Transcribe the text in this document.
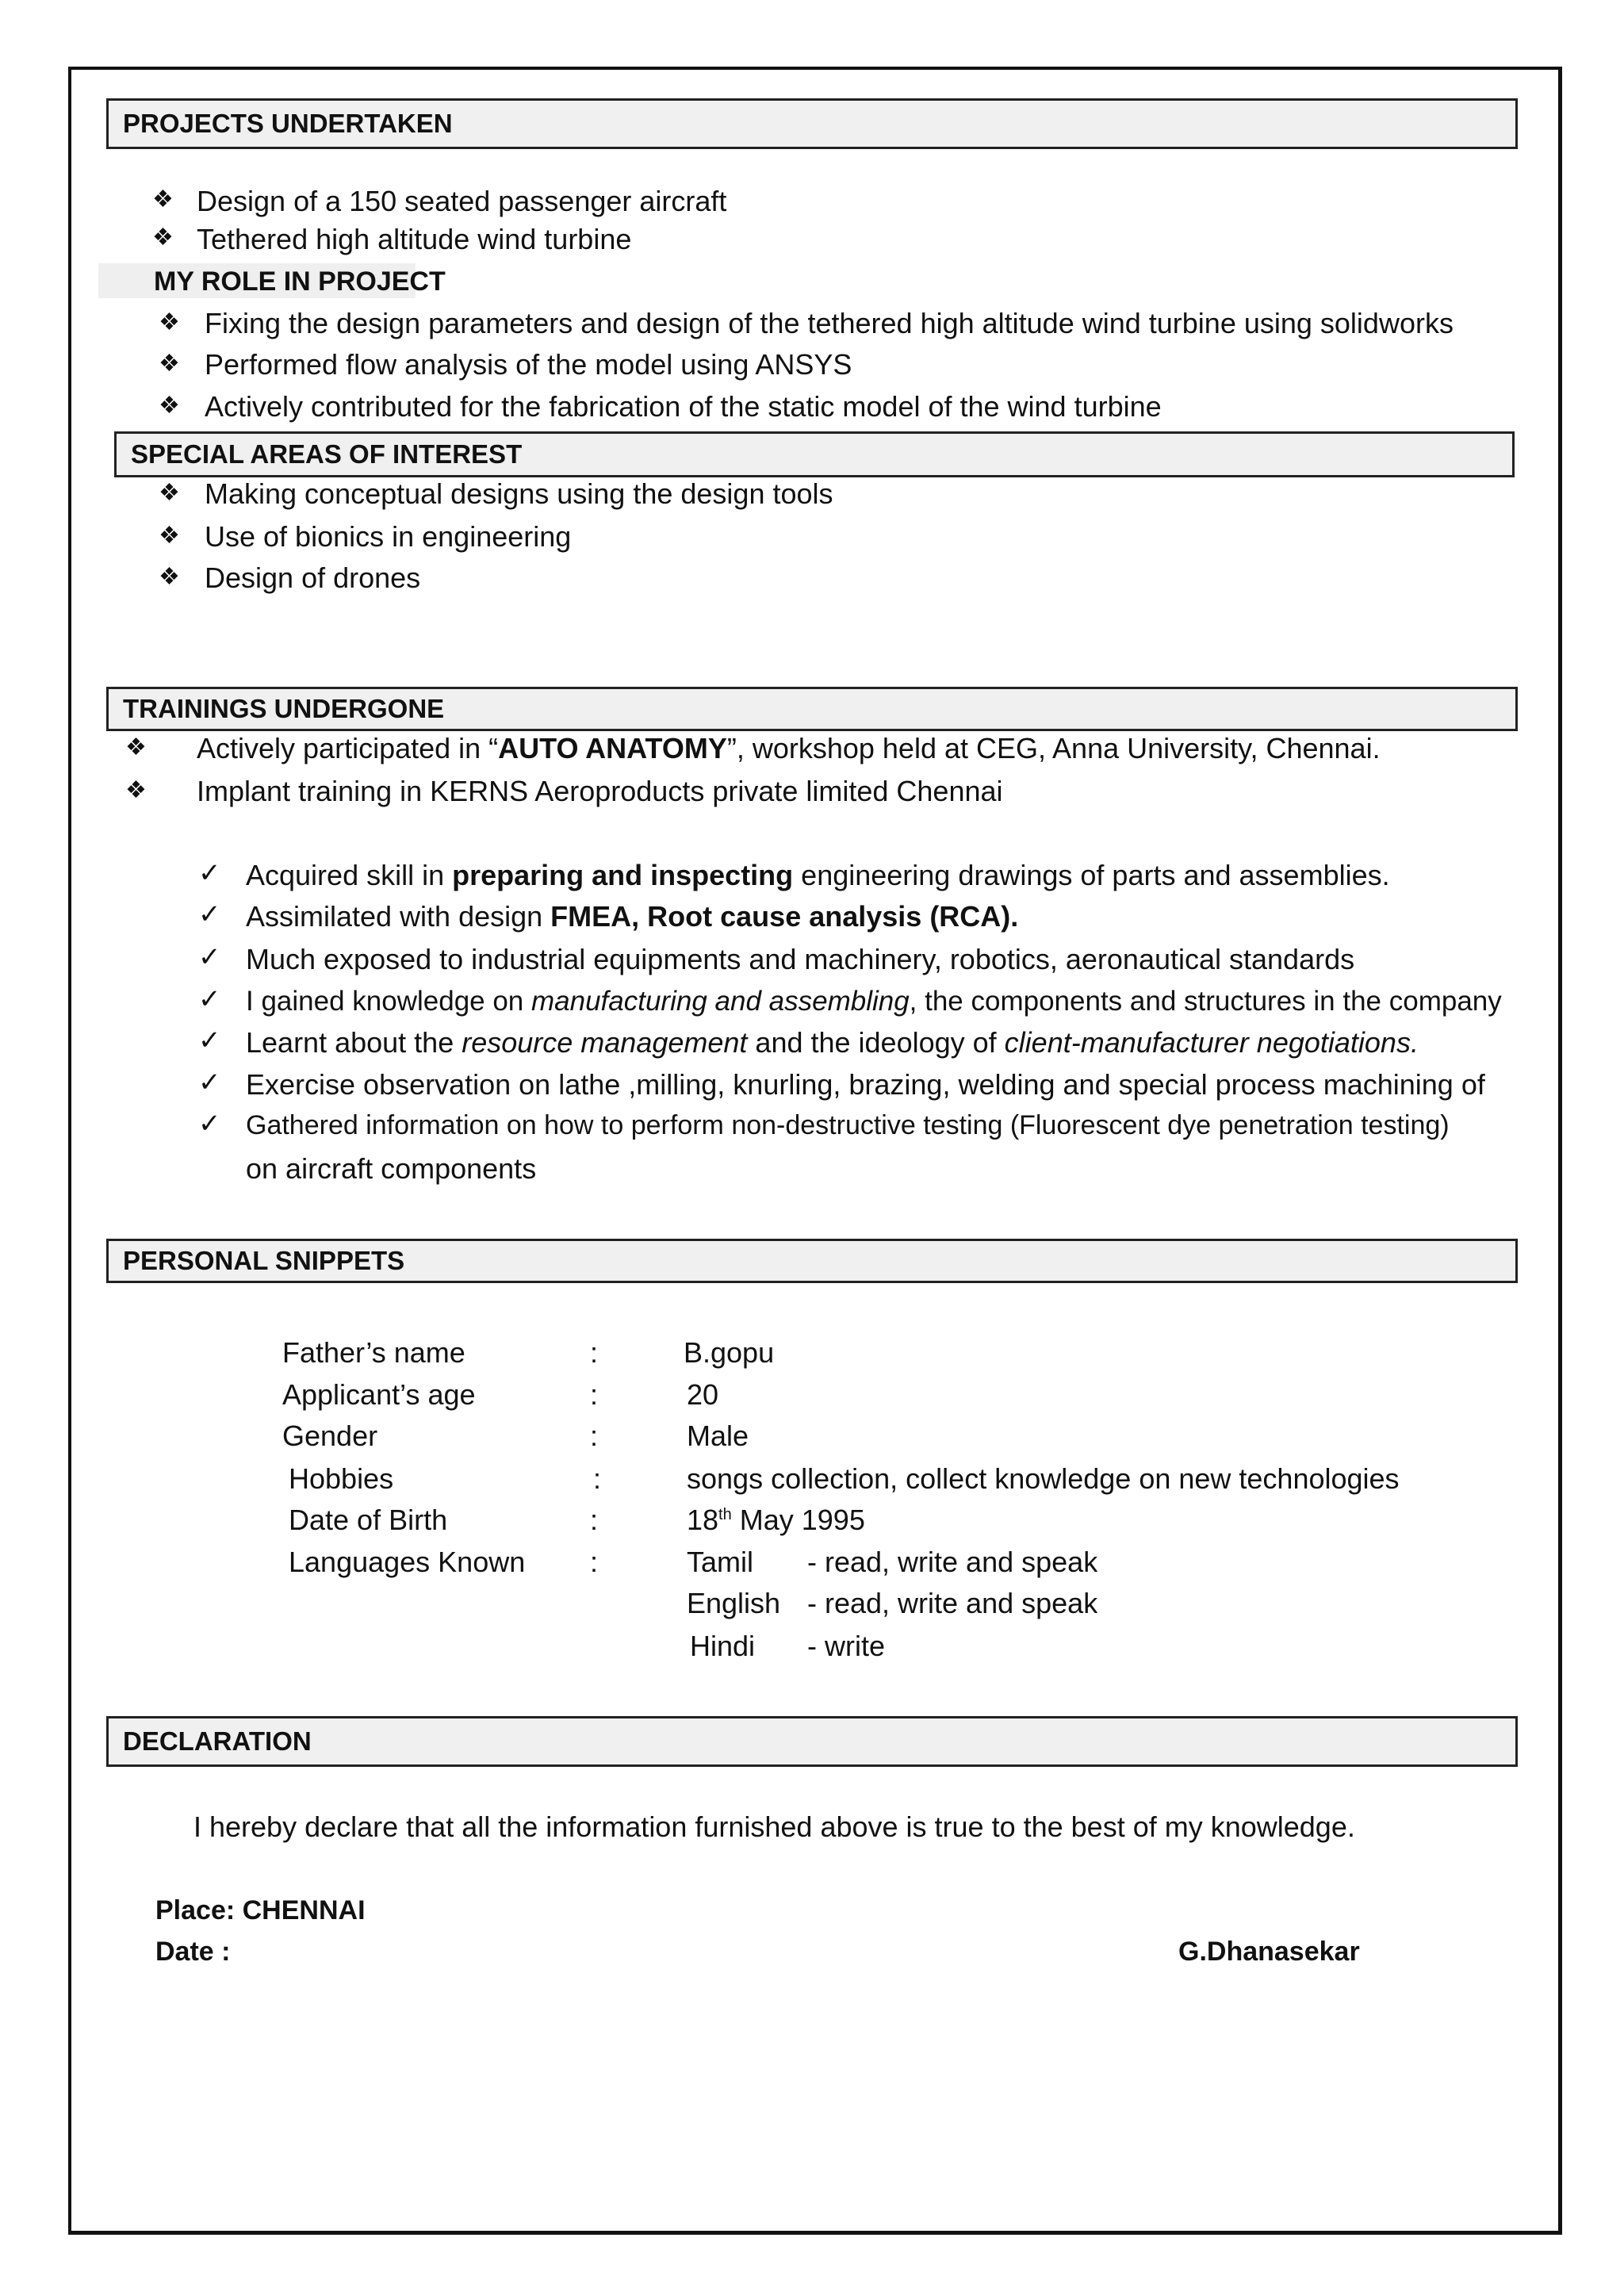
PROJECTS UNDERTAKEN
❖ Design of a 150 seated passenger aircraft
❖ Tethered high altitude wind turbine
MY ROLE IN PROJECT
❖ Fixing the design parameters and design of the tethered high altitude wind turbine using solidworks
❖ Performed flow analysis of the model using ANSYS
❖ Actively contributed for the fabrication of the static model of the wind turbine
SPECIAL AREAS OF INTEREST
❖ Making conceptual designs using the design tools
❖ Use of bionics in engineering
❖ Design of drones
TRAININGS UNDERGONE
❖ Actively participated in “AUTO ANATOMY”, workshop held at CEG, Anna University, Chennai.
❖ Implant training in KERNS Aeroproducts private limited Chennai
✓ Acquired skill in preparing and inspecting engineering drawings of parts and assemblies.
✓ Assimilated with design FMEA, Root cause analysis (RCA).
✓ Much exposed to industrial equipments and machinery, robotics, aeronautical standards
✓ I gained knowledge on manufacturing and assembling, the components and structures in the company
✓ Learnt about the resource management and the ideology of client-manufacturer negotiations.
✓ Exercise observation on lathe ,milling, knurling, brazing, welding and special process machining of
✓ Gathered information on how to perform non-destructive testing (Fluorescent dye penetration testing)
on aircraft components
PERSONAL SNIPPETS
Father’s name	:	B.gopu
Applicant’s age	:	20
Gender	:	Male
Hobbies	:	songs collection, collect knowledge on new technologies
Date of Birth	:	18th May 1995
Languages Known :	Tamil - read, write and speak
English - read, write and speak
Hindi - write
DECLARATION
I hereby declare that all the information furnished above is true to the best of my knowledge.
Place: CHENNAI
Date :	G.Dhanasekar
